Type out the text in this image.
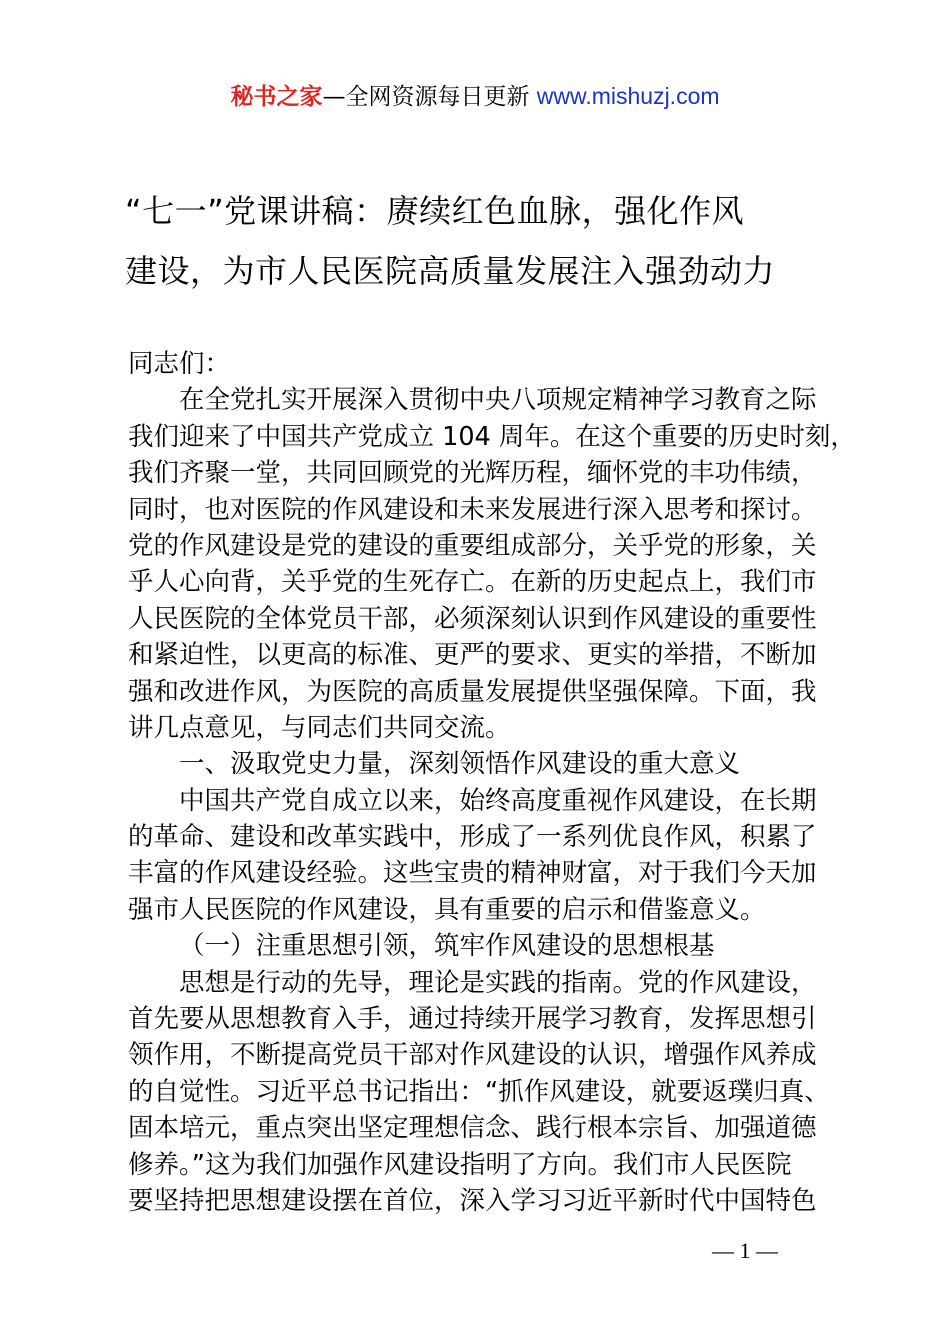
秘书之家—全网资源每日更新 www.mishuzj.com
“七一”党课讲稿：赓续红色血脉，强化作风
建设，为市人民医院高质量发展注入强劲动力
同志们：
在全党扎实开展深入贯彻中央八项规定精神学习教育之际
我们迎来了中国共产党成立 104 周年。在这个重要的历史时刻，
我们齐聚一堂，共同回顾党的光辉历程，缅怀党的丰功伟绩，
同时，也对医院的作风建设和未来发展进行深入思考和探讨。
党的作风建设是党的建设的重要组成部分，关乎党的形象，关
乎人心向背，关乎党的生死存亡。在新的历史起点上，我们市
人民医院的全体党员干部，必须深刻认识到作风建设的重要性
和紧迫性，以更高的标准、更严的要求、更实的举措，不断加
强和改进作风，为医院的高质量发展提供坚强保障。下面，我
讲几点意见，与同志们共同交流。
一、汲取党史力量，深刻领悟作风建设的重大意义
中国共产党自成立以来，始终高度重视作风建设，在长期
的革命、建设和改革实践中，形成了一系列优良作风，积累了
丰富的作风建设经验。这些宝贵的精神财富，对于我们今天加
强市人民医院的作风建设，具有重要的启示和借鉴意义。
（一）注重思想引领，筑牢作风建设的思想根基
思想是行动的先导，理论是实践的指南。党的作风建设，
首先要从思想教育入手，通过持续开展学习教育，发挥思想引
领作用，不断提高党员干部对作风建设的认识，增强作风养成
的自觉性。习近平总书记指出：“抓作风建设，就要返璞归真、
固本培元，重点突出坚定理想信念、践行根本宗旨、加强道德
修养。”这为我们加强作风建设指明了方向。我们市人民医院
要坚持把思想建设摆在首位，深入学习习近平新时代中国特色
— 1 —
